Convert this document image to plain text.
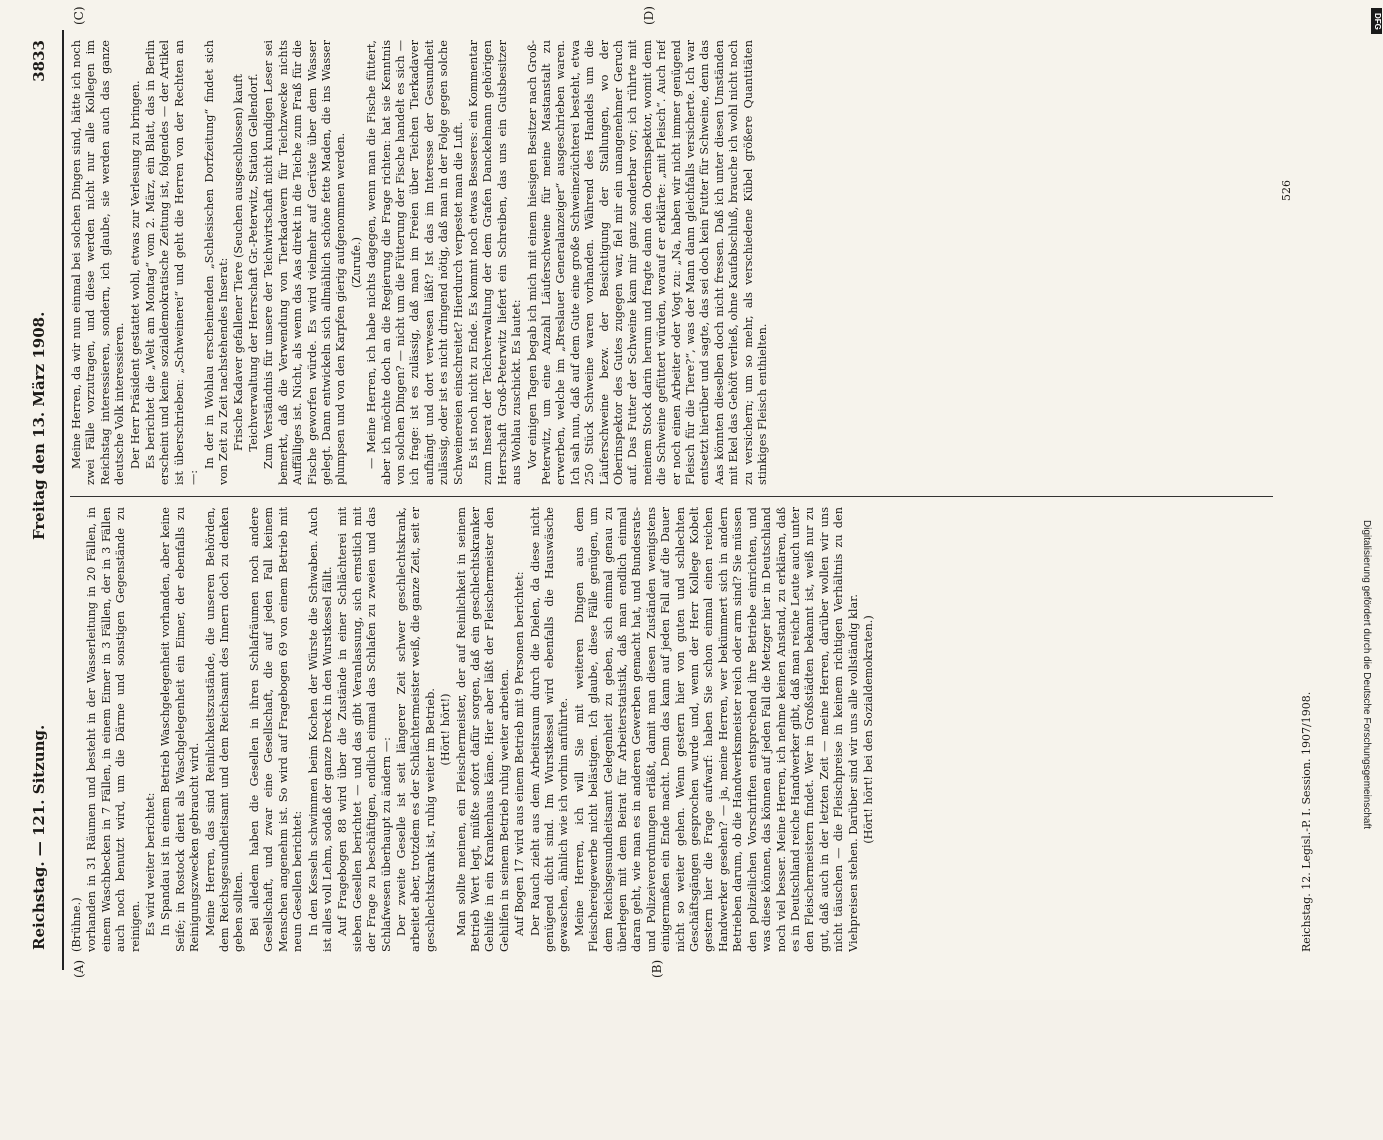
Reichstag. — 121. Sitzung.
Freitag den 13. März 1908.
3833
(A)	(B)
(C)	(D)

(Brühne.) vorhanden in 31 Räumen und besteht in der Wasserleitung in 20 Fällen, in einem Waschbecken in 7 Fällen, in einem Eimer in 3 Fällen, der in 3 Fällen auch noch benutzt wird, um die Därme und sonstigen Gegenstände zu reinigen. Es wird weiter berichtet: In Spandau ist in einem Betrieb Waschgelegenheit vorhanden, aber keine Seife; in Rostock dient als Waschgelegenheit ein Eimer, der ebenfalls zu Reinigungszwecken gebraucht wird. Meine Herren, das sind Reinlichkeitszustände, die unseren Behörden, dem Reichsgesundheitsamt und dem Reichsamt des Innern doch zu denken geben sollten. Bei alledem haben die Gesellen in ihren Schlafräumen noch andere Gesellschaft, und zwar eine Gesellschaft, die auf jeden Fall keinem Menschen angenehm ist. So wird auf Fragebogen 69 von einem Betrieb mit neun Gesellen berichtet: In den Kesseln schwimmen beim Kochen der Würste die Schwaben. Auch ist alles voll Lehm, sodaß der ganze Dreck in den Wurstkessel fällt. Auf Fragebogen 88 wird über die Zustände in einer Schlächterei mit sieben Gesellen berichtet — und das gibt Veranlassung, sich ernstlich mit der Frage zu beschäftigen, endlich einmal das Schlafen zu zweien und das Schlafwesen überhaupt zu ändern —: Der zweite Geselle ist seit längerer Zeit schwer geschlechtskrank, arbeitet aber, trotzdem es der Schlächtermeister weiß, die ganze Zeit, seit er geschlechtskrank ist, ruhig weiter im Betrieb. (Hört! hört!) Man sollte meinen, ein Fleischermeister, der auf Reinlichkeit in seinem Betrieb Wert legt, müßte sofort dafür sorgen, daß ein geschlechtskranker Gehilfe in ein Krankenhaus käme. Hier aber läßt der Fleischermeister den Gehilfen in seinem Betrieb ruhig weiter arbeiten. Auf Bogen 17 wird aus einem Betrieb mit 9 Personen berichtet: Der Rauch zieht aus dem Arbeitsraum durch die Dielen, da diese nicht genügend dicht sind. Im Wurstkessel wird ebenfalls die Hauswäsche gewaschen, ähnlich wie ich vorhin anführte. Meine Herren, ich will Sie mit weiteren Dingen aus dem Fleischereigewerbe nicht belästigen. Ich glaube, diese Fälle genügen, um dem Reichsgesundheitsamt Gelegenheit zu geben, sich einmal genau zu überlegen mit dem Beirat für Arbeiterstatistik, daß man endlich einmal daran geht, wie man es in anderen Gewerben gemacht hat, und Bundesrats- und Polizeiverordnungen erläßt, damit man diesen Zuständen wenigstens einigermaßen ein Ende macht. Denn das kann auf jeden Fall auf die Dauer nicht so weiter gehen. Wenn gestern hier von guten und schlechten Geschäftsgängen gesprochen wurde und, wenn der Herr Kollege Kobelt gestern hier die Frage aufwarf: haben Sie schon einmal einen reichen Handwerker gesehen? — ja, meine Herren, wer bekümmert sich in andern Betrieben darum, ob die Handwerksmeister reich oder arm sind? Sie müssen den polizeilichen Vorschriften entsprechend ihre Betriebe einrichten, und was diese können, das können auf jeden Fall die Metzger hier in Deutschland noch viel besser. Meine Herren, ich nehme keinen Anstand, zu erklären, daß es in Deutschland reiche Handwerker gibt, daß man reiche Leute auch unter den Fleischermeistern findet. Wer in Großstädten bekannt ist, weiß nur zu gut, daß auch in der letzten Zeit — meine Herren, darüber wollen wir uns nicht täuschen — die Fleischpreise in keinem richtigen Verhältnis zu den Viehpreisen stehen. Darüber sind wir uns alle vollständig klar. (Hört! hört! bei den Sozialdemokraten.)

Meine Herren, da wir nun einmal bei solchen Dingen sind, hätte ich noch zwei Fälle vorzutragen, und diese werden nicht nur alle Kollegen im Reichstag interessieren, sondern, ich glaube, sie werden auch das ganze deutsche Volk interessieren. Der Herr Präsident gestattet wohl, etwas zur Verlesung zu bringen. Es berichtet die „Welt am Montag“ vom 2. März, ein Blatt, das in Berlin erscheint und keine sozialdemokratische Zeitung ist, folgendes — der Artikel ist überschrieben: „Schweinerei“ und geht die Herren von der Rechten an —:

In der in Wohlau erscheinenden „Schlesischen Dorfzeitung“ findet sich von Zeit zu Zeit nachstehendes Inserat: Frische Kadaver gefallener Tiere (Seuchen ausgeschlossen) kauft Teichverwaltung der Herrschaft Gr.-Peterwitz, Station Gellendorf. Zum Verständnis für unsere der Teichwirtschaft nicht kundigen Leser sei bemerkt, daß die Verwendung von Tierkadavern für Teichzwecke nichts Auffälliges ist. Nicht, als wenn das Aas direkt in die Teiche zum Fraß für die Fische geworfen würde. Es wird vielmehr auf Gerüste über dem Wasser gelegt. Dann entwickeln sich allmählich schöne fette Maden, die ins Wasser plumpsen und von den Karpfen gierig aufgenommen werden. (Zurufe.) — Meine Herren, ich habe nichts dagegen, wenn man die Fische füttert, aber ich möchte doch an die Regierung die Frage richten: hat sie Kenntnis von solchen Dingen? — nicht um die Fütterung der Fische handelt es sich — ich frage: ist es zulässig, daß man im Freien über Teichen Tierkadaver aufhängt und dort verwesen läßt? Ist das im Interesse der Gesundheit zulässig, oder ist es nicht dringend nötig, daß man in der Folge gegen solche Schweinereien einschreitet? Hierdurch verpestet man die Luft. Es ist noch nicht zu Ende. Es kommt noch etwas Besseres: ein Kommentar zum Inserat der Teichverwaltung der dem Grafen Danckelmann gehörigen Herrschaft Groß-Peterwitz liefert ein Schreiben, das uns ein Gutsbesitzer aus Wohlau zuschickt. Es lautet: Vor einigen Tagen begab ich mich mit einem hiesigen Besitzer nach Groß-Peterwitz, um eine Anzahl Läuferschweine für meine Mastanstalt zu erwerben, welche im „Breslauer Generalanzeiger“ ausgeschrieben waren. Ich sah nun, daß auf dem Gute eine große Schweinezüchterei besteht, etwa 250 Stück Schweine waren vorhanden. Während des Handels um die Läuferschweine bezw. der Besichtigung der Stallungen, wo der Oberinspektor des Gutes zugegen war, fiel mir ein unangenehmer Geruch auf. Das Futter der Schweine kam mir ganz sonderbar vor; ich rührte mit meinem Stock darin herum und fragte dann den Oberinspektor, womit denn die Schweine gefüttert würden, worauf er erklärte: „mit Fleisch“. Auch rief er noch einen Arbeiter oder Vogt zu: „Na, haben wir nicht immer genügend Fleisch für die Tiere?“, was der Mann dann gleichfalls versicherte. Ich war entsetzt hierüber und sagte, das sei doch kein Futter für Schweine, denn das Aas könnten dieselben doch nicht fressen. Daß ich unter diesen Umständen mit Ekel das Gehöft verließ, ohne Kaufabschluß, brauche ich wohl nicht noch zu versichern; um so mehr, als verschiedene Kübel größere Quantitäten stinkiges Fleisch enthielten.

Reichstag. 12. Legisl.-P. I. Session. 1907/1908.
526
DFG
Digitalisierung gefördert durch die Deutsche Forschungsgemeinschaft
